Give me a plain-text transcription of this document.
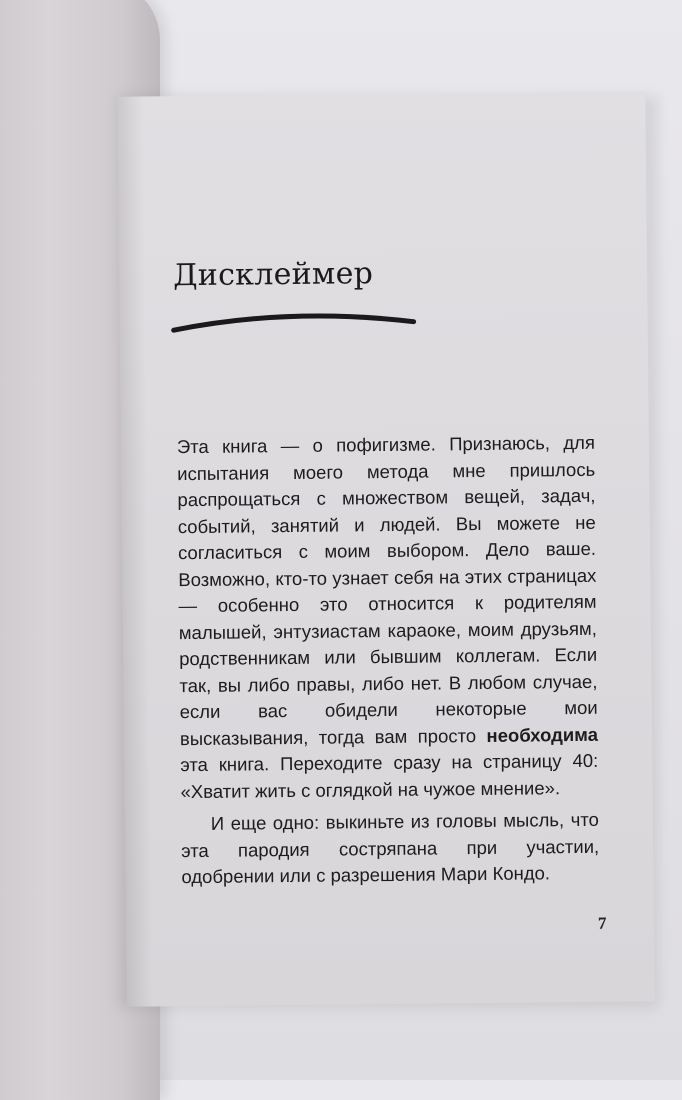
Дисклеймер

Эта книга — о пофигизме. Признаюсь, для испытания моего метода мне пришлось распрощаться с множеством вещей, задач, событий, занятий и людей. Вы можете не согласиться с моим выбором. Дело ваше. Возможно, кто-то узнает себя на этих страницах — особенно это относится к родителям малышей, энтузиастам караоке, моим друзьям, родственникам или бывшим коллегам. Если так, вы либо правы, либо нет. В любом случае, если вас обидели некоторые мои высказывания, тогда вам просто необходима эта книга. Переходите сразу на страницу 40: «Хватит жить с оглядкой на чужое мнение».

И еще одно: выкиньте из головы мысль, что эта пародия состряпана при участии, одобрении или с разрешения Мари Кондо.

7
